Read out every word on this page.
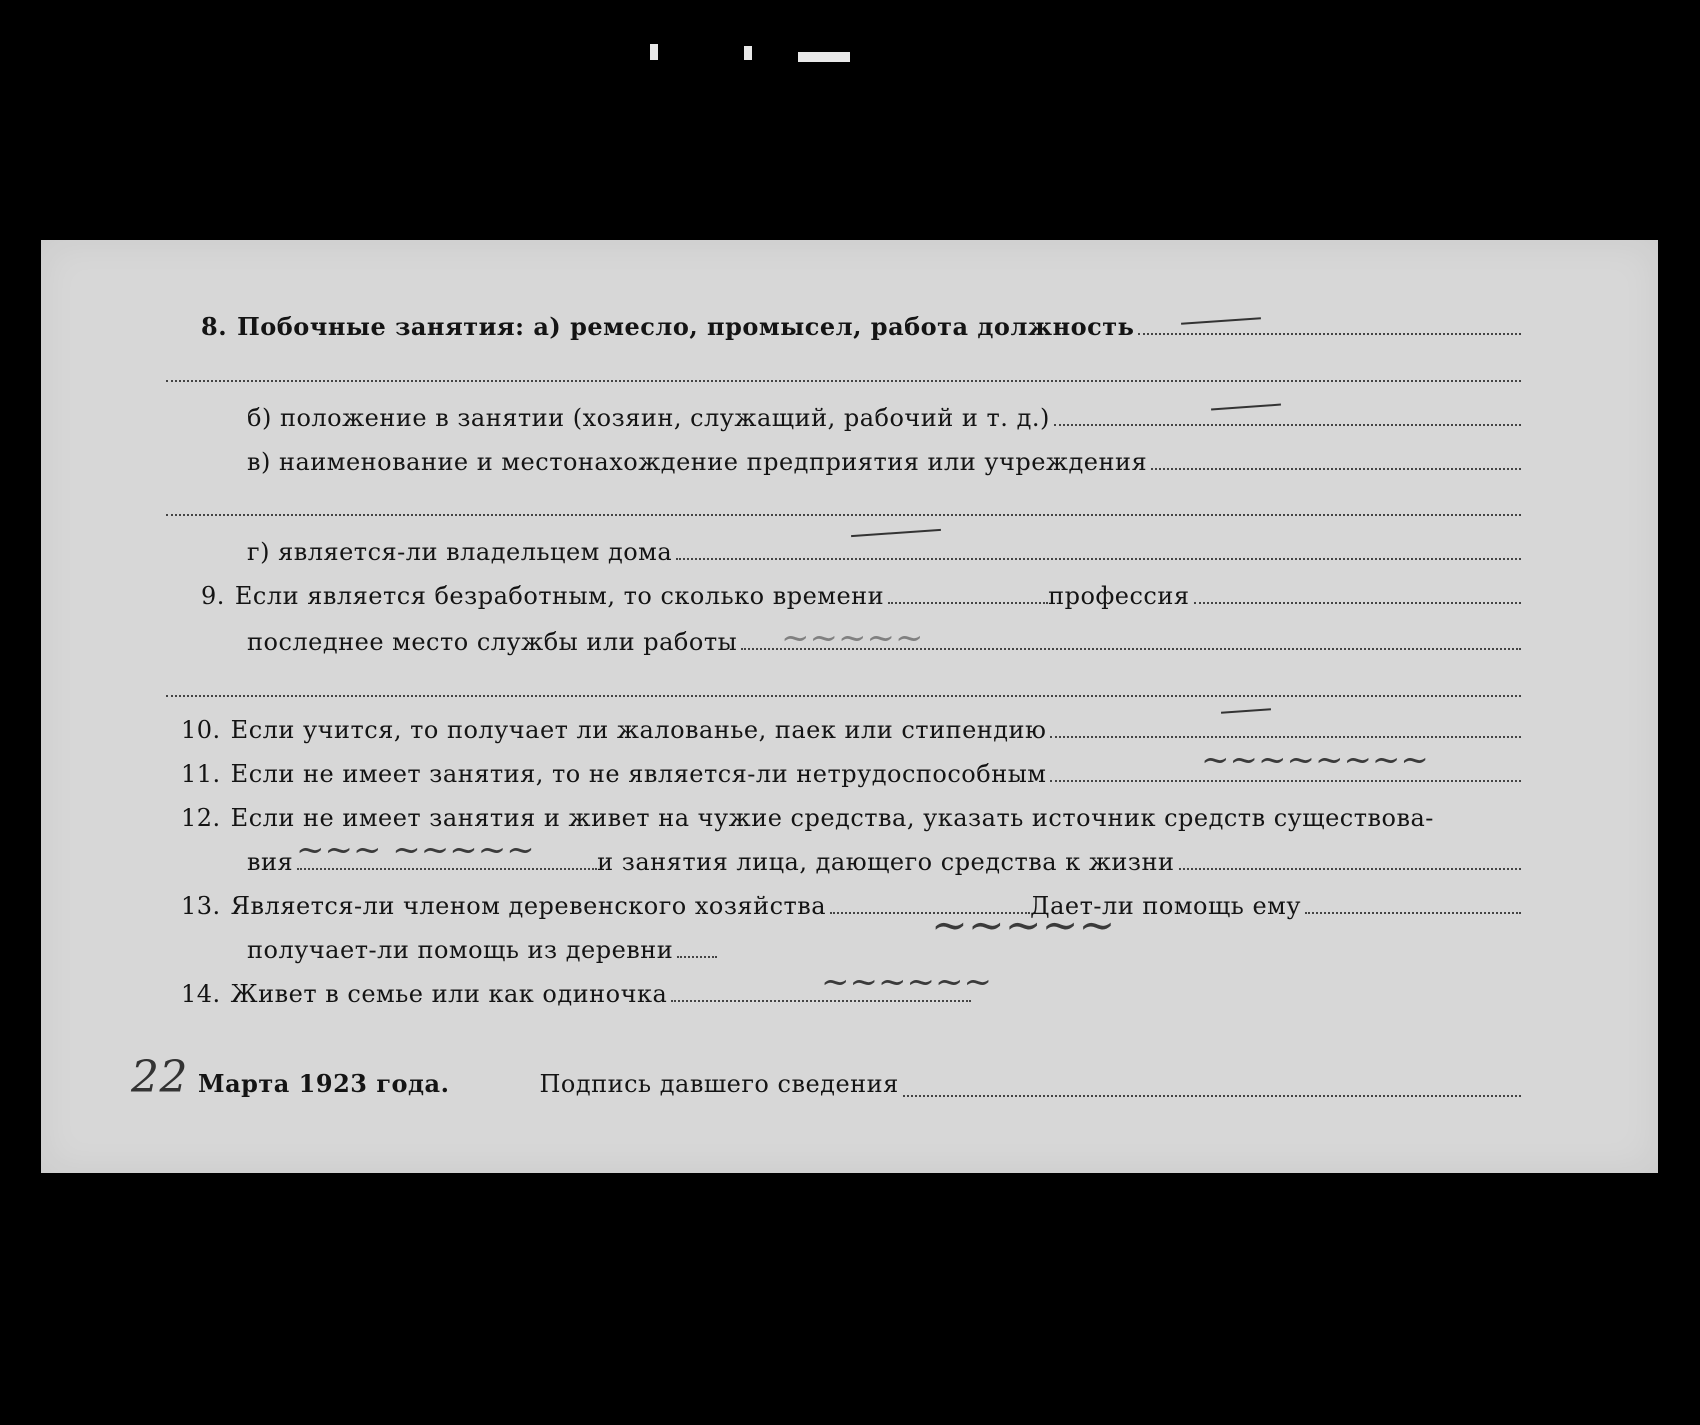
8. Побочные занятия: а) ремесло, промысел, работа должность
б) положение в занятии (хозяин, служащий, рабочий и т. д.)
в) наименование и местонахождение предприятия или учреждения
г) является-ли владельцем дома
9. Если является безработным, то сколько времени	профессия
последнее место службы или работы ~~~~~
10. Если учится, то получает ли жалованье, паек или стипендию
11. Если не имеет занятия, то не является-ли нетрудоспособным	~~~~~~~~
12. Если не имеет занятия и живет на чужие средства, указать источник средств существова-
вия	и занятия лица, дающего средства к жизни
~~~ ~~~~~
13. Является-ли членом деревенского хозяйства	Дает-ли помощь ему
получает-ли помощь из деревни	~~~~~
14. Живет в семье или как одиночка	~~~~~~
22 Марта 1923 года.	Подпись давшего сведения
